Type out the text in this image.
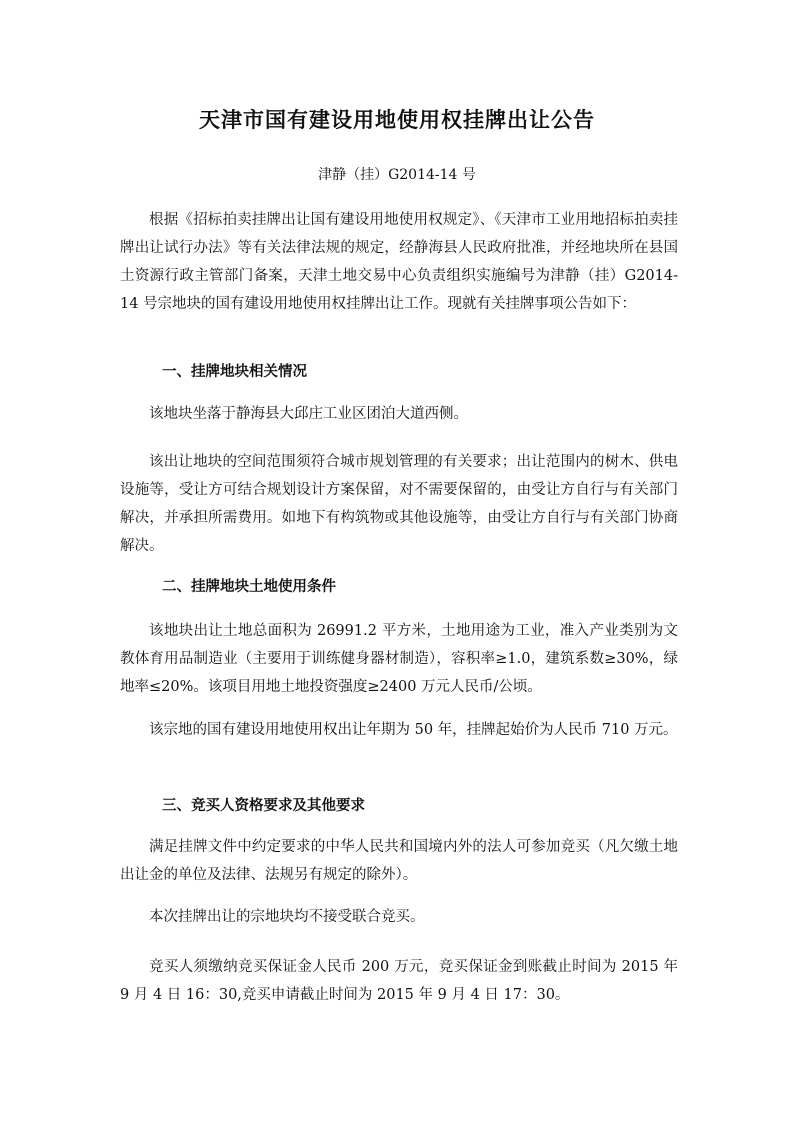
天津市国有建设用地使用权挂牌出让公告
津静（挂）G2014-14 号

根据《招标拍卖挂牌出让国有建设用地使用权规定》、《天津市工业用地招标拍卖挂牌出让试行办法》等有关法律法规的规定，经静海县人民政府批准，并经地块所在县国土资源行政主管部门备案，天津土地交易中心负责组织实施编号为津静（挂）G2014-14 号宗地块的国有建设用地使用权挂牌出让工作。现就有关挂牌事项公告如下：

一、挂牌地块相关情况

该地块坐落于静海县大邱庄工业区团泊大道西侧。

该出让地块的空间范围须符合城市规划管理的有关要求；出让范围内的树木、供电设施等，受让方可结合规划设计方案保留，对不需要保留的，由受让方自行与有关部门解决，并承担所需费用。如地下有构筑物或其他设施等，由受让方自行与有关部门协商解决。

二、挂牌地块土地使用条件

该地块出让土地总面积为 26991.2 平方米，土地用途为工业，准入产业类别为文教体育用品制造业（主要用于训练健身器材制造），容积率≥1.0，建筑系数≥30%，绿地率≤20%。该项目用地土地投资强度≥2400 万元人民币/公顷。

该宗地的国有建设用地使用权出让年期为 50 年，挂牌起始价为人民币 710 万元。

三、竞买人资格要求及其他要求

满足挂牌文件中约定要求的中华人民共和国境内外的法人可参加竞买（凡欠缴土地出让金的单位及法律、法规另有规定的除外）。

本次挂牌出让的宗地块均不接受联合竞买。

竞买人须缴纳竞买保证金人民币 200 万元，竞买保证金到账截止时间为 2015 年 9 月 4 日 16：30,竞买申请截止时间为 2015 年 9 月 4 日 17：30。
